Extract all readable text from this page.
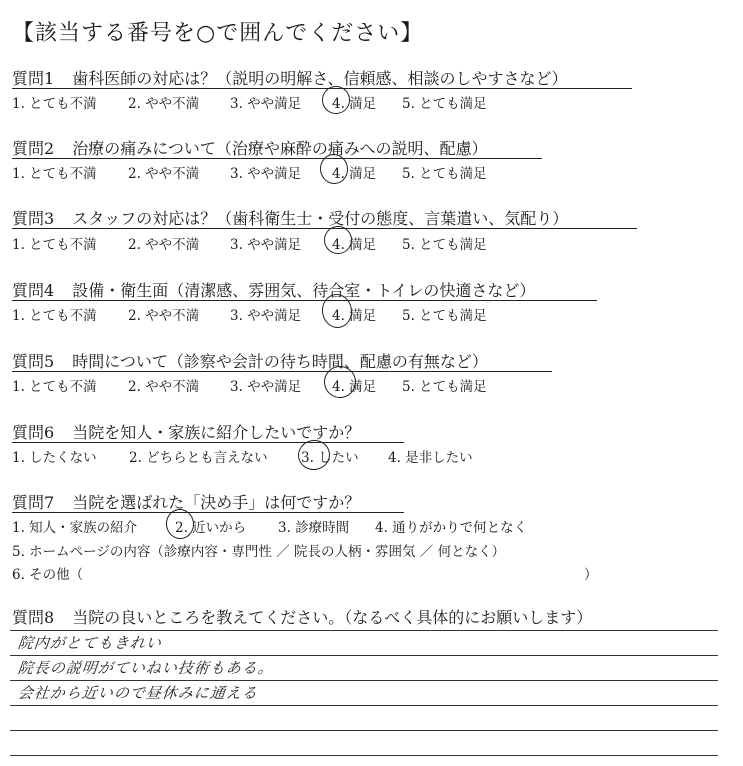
【該当する番号を○で囲んでください】
質問1 歯科医師の対応は？（説明の明解さ、信頼感、相談のしやすさなど）
1. とても不満 2. やや不満 3. やや満足 4. 満足 5. とても満足
質問2 治療の痛みについて（治療や麻酔の痛みへの説明、配慮）
1. とても不満 2. やや不満 3. やや満足 4. 満足 5. とても満足
質問3 スタッフの対応は？（歯科衛生士・受付の態度、言葉遣い、気配り）
1. とても不満 2. やや不満 3. やや満足 4. 満足 5. とても満足
質問4 設備・衛生面（清潔感、雰囲気、待合室・トイレの快適さなど）
1. とても不満 2. やや不満 3. やや満足 4. 満足 5. とても満足
質問5 時間について（診察や会計の待ち時間、配慮の有無など）
1. とても不満 2. やや不満 3. やや満足 4. 満足 5. とても満足
質問6 当院を知人・家族に紹介したいですか？
1. したくない 2. どちらとも言えない 3. したい 4. 是非したい
質問7 当院を選ばれた「決め手」は何ですか？
1. 知人・家族の紹介	2. 近いから 3. 診療時間 4. 通りがかりで何となく
5. ホームページの内容（診療内容・専門性 ／ 院長の人柄・雰囲気 ／ 何となく）
6. その他（	）
質問8 当院の良いところを教えてください。（なるべく具体的にお願いします）
院内がとてもきれい
院長の説明がていねい技術もある。
会社から近いので昼休みに通える
